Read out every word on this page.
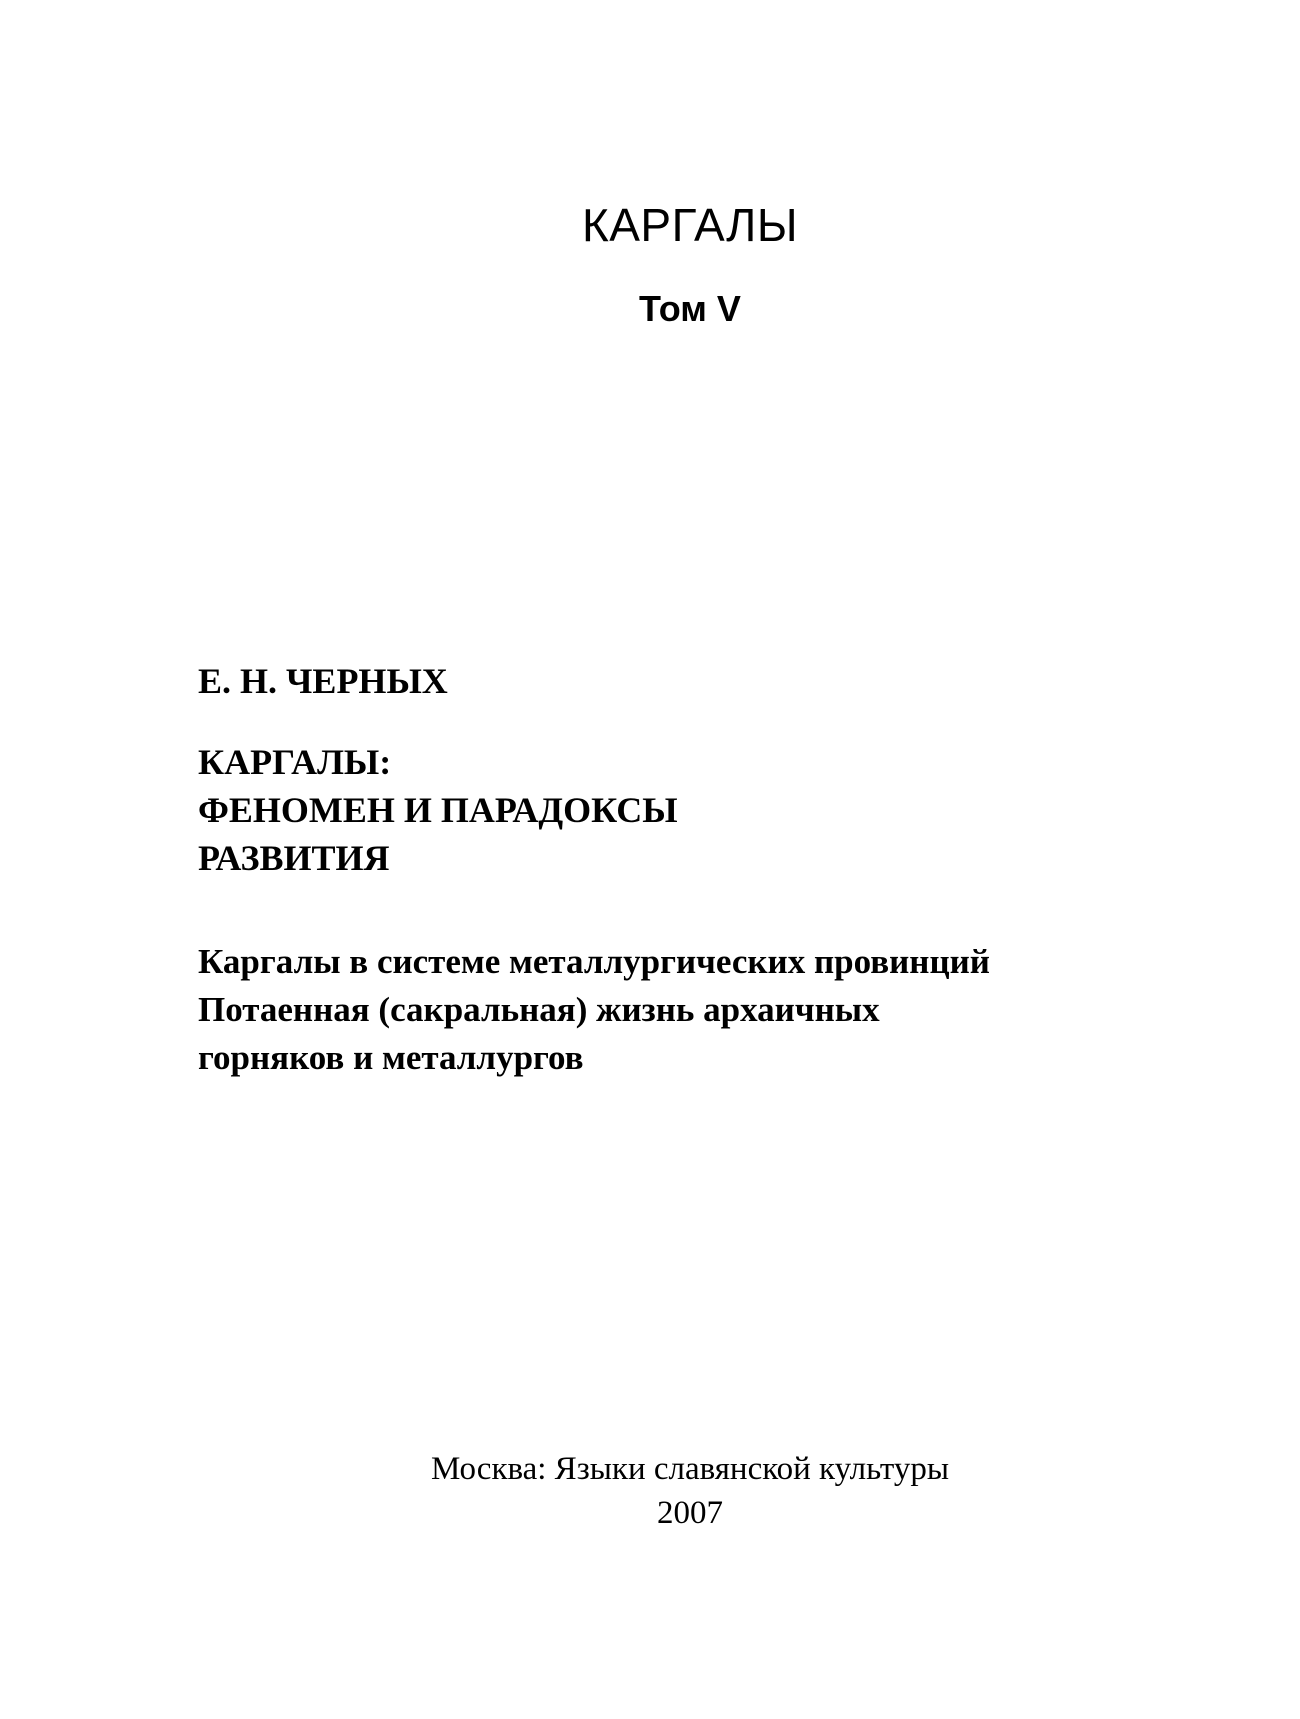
КАРГАЛЫ
Том V

Е. Н. ЧЕРНЫХ

КАРГАЛЫ:
ФЕНОМЕН И ПАРАДОКСЫ
РАЗВИТИЯ

Каргалы в системе металлургических провинций
Потаенная (сакральная) жизнь архаичных
горняков и металлургов

Москва: Языки славянской культуры
2007
